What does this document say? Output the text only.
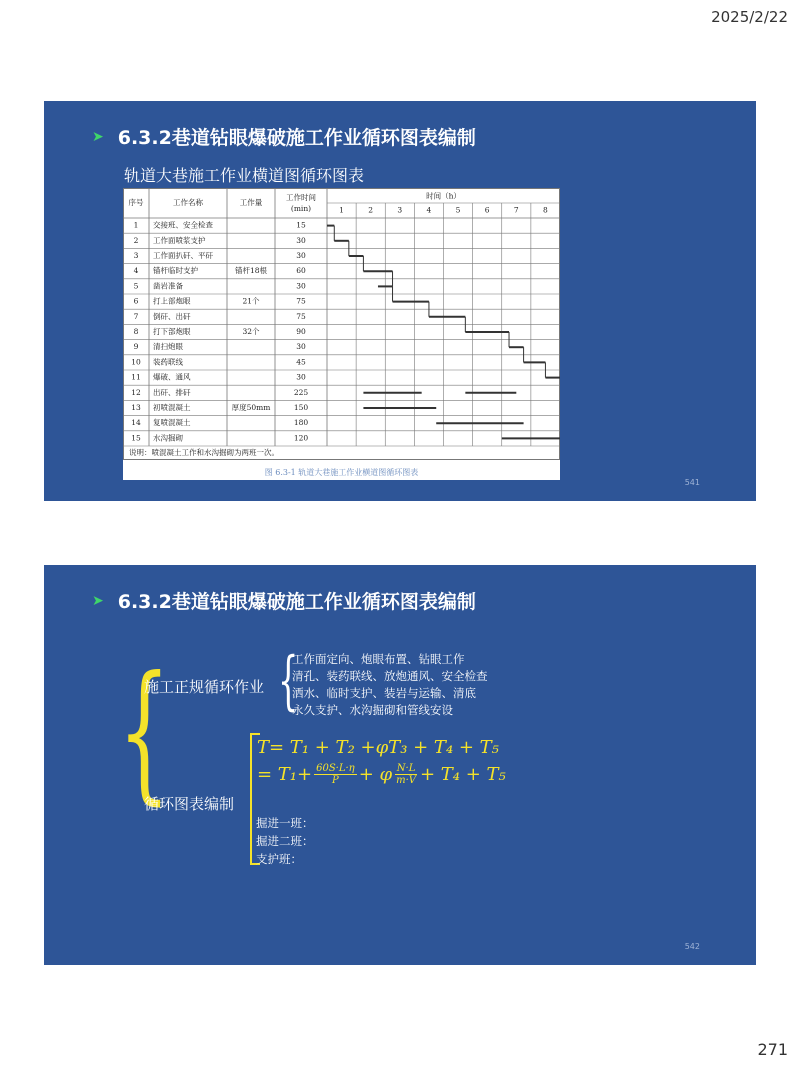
2025/2/22
➤ 6.3.2巷道钻眼爆破施工作业循环图表编制
轨道大巷施工作业横道图循环图表
序号	工作名称	工作量
工作时间
(min)
时间（h）
1	2	3	4	5	6	7	8
1 交接班、安全检查	15
2 工作面喷浆支护	30
3 工作面扒矸、平矸	30
4 锚杆临时支护	锚杆18根	60
5 凿岩准备	30
6 打上部炮眼	21个	75
7 倒矸、出矸	75
8 打下部炮眼	32个	90
9 清扫炮眼	30
10 装药联线	45
11 爆破、通风	30
12 出矸、排矸	225
13 初喷混凝土	厚度50mm	150
14 复喷混凝土	180
15 水沟掘砌	120
说明：喷混凝土工作和水沟掘砌为两班一次。
图 6.3-1 轨道大巷施工作业横道图循环图表
541
➤ 6.3.2巷道钻眼爆破施工作业循环图表编制
{
施工正规循环作业 {
工作面定向、炮眼布置、钻眼工作
清孔、装药联线、放炮通风、安全检查
洒水、临时支护、装岩与运输、清底
永久支护、水沟掘砌和管线安设
循环图表编制
T= T₁ + T₂ +φT₃ + T₄ + T₅
= $T_1+ \frac{60S\cdot L\cdot\eta}{P} + \varphi \frac{N\cdot L}{m\cdot V} + T_4 + T_5$
掘进一班：
掘进二班：
支护班：
542
271
